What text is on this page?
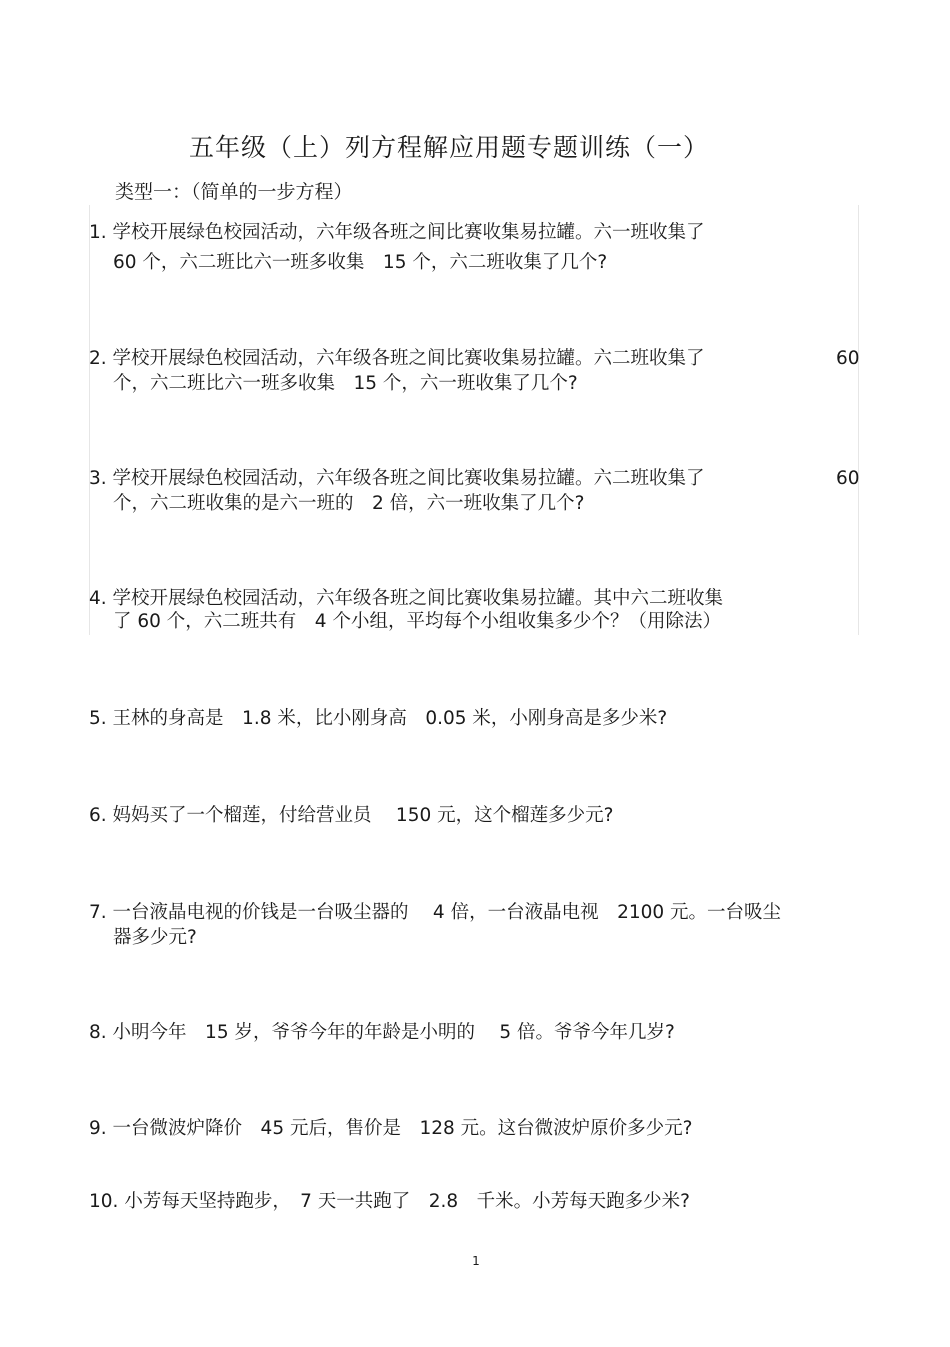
五年级（上）列方程解应用题专题训练（一）
类型一：（简单的一步方程）
1. 学校开展绿色校园活动，六年级各班之间比赛收集易拉罐。六一班收集了
60 个，六二班比六一班多收集　15 个，六二班收集了几个?
2. 学校开展绿色校园活动，六年级各班之间比赛收集易拉罐。六二班收集了	60
个，六二班比六一班多收集　15 个，六一班收集了几个?
3. 学校开展绿色校园活动，六年级各班之间比赛收集易拉罐。六二班收集了	60
个，六二班收集的是六一班的　2 倍，六一班收集了几个?
4. 学校开展绿色校园活动，六年级各班之间比赛收集易拉罐。其中六二班收集
了 60 个，六二班共有　4 个小组，平均每个小组收集多少个？（用除法）
5. 王林的身高是　1.8 米，比小刚身高　0.05 米，小刚身高是多少米?
6. 妈妈买了一个榴莲，付给营业员　 150 元，这个榴莲多少元?
7. 一台液晶电视的价钱是一台吸尘器的　 4 倍，一台液晶电视　2100 元。一台吸尘
器多少元?
8. 小明今年　15 岁，爷爷今年的年龄是小明的　 5 倍。爷爷今年几岁?
9. 一台微波炉降价　45 元后，售价是　128 元。这台微波炉原价多少元?
10. 小芳每天坚持跑步，　7 天一共跑了　2.8　千米。小芳每天跑多少米?
1
